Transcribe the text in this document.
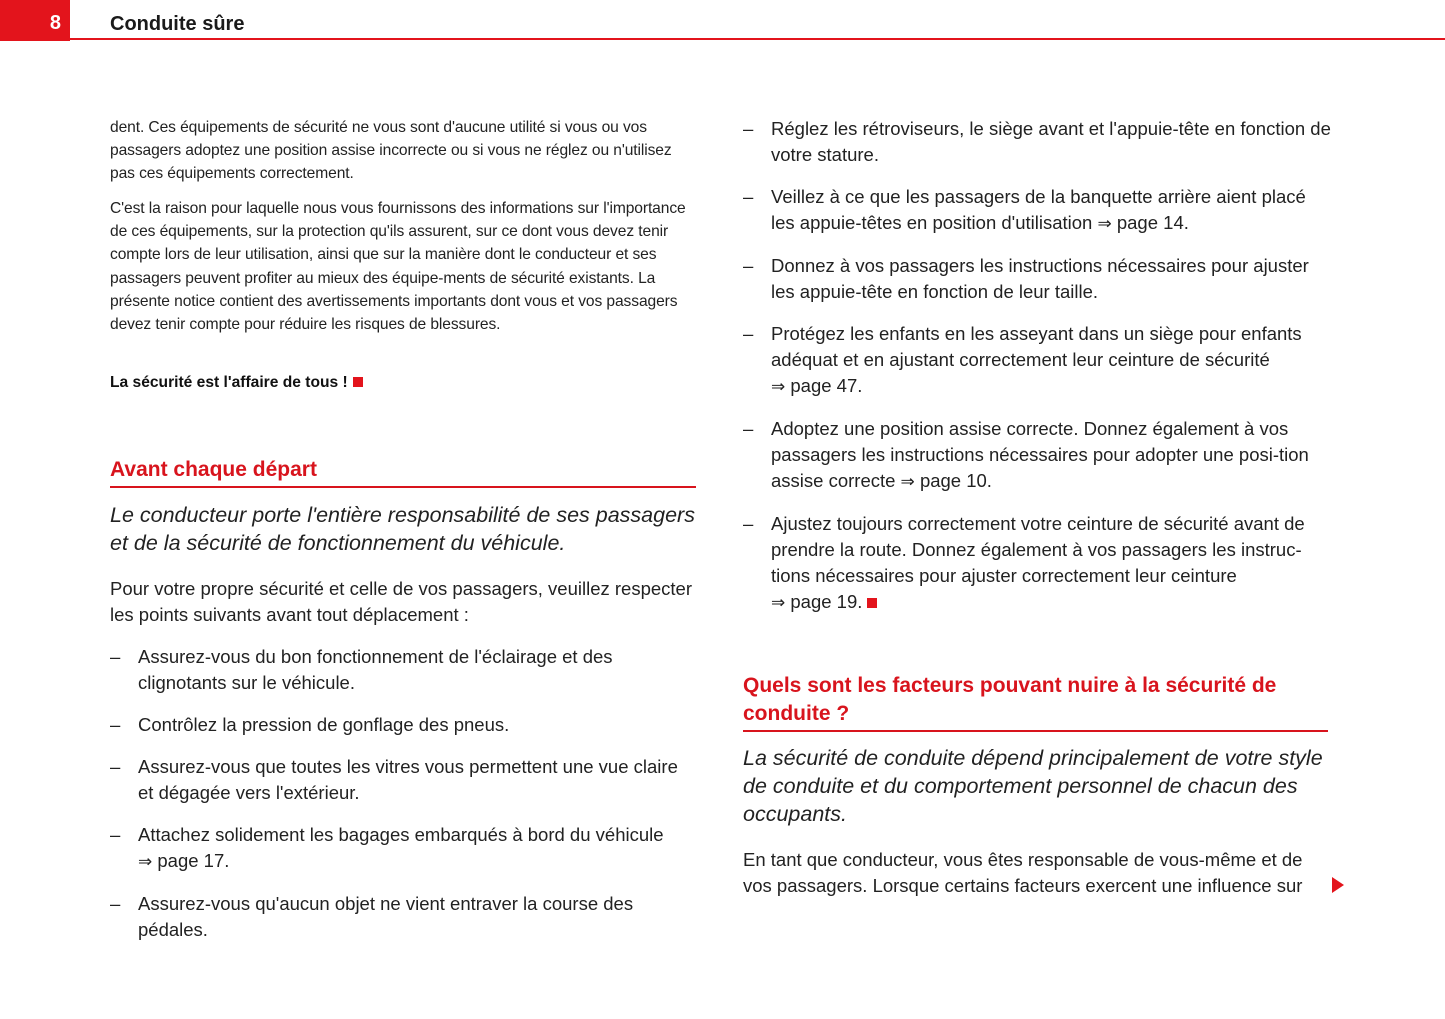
8	Conduite sûre

dent. Ces équipements de sécurité ne vous sont d'aucune utilité si vous ou vos passagers adoptez une position assise incorrecte ou si vous ne réglez ou n'utilisez pas ces équipements correctement.

C'est la raison pour laquelle nous vous fournissons des informations sur l'importance de ces équipements, sur la protection qu'ils assurent, sur ce dont vous devez tenir compte lors de leur utilisation, ainsi que sur la manière dont le conducteur et ses passagers peuvent profiter au mieux des équipe-ments de sécurité existants. La présente notice contient des avertissements importants dont vous et vos passagers devez tenir compte pour réduire les risques de blessures.

La sécurité est l'affaire de tous !
Avant chaque départ

Le conducteur porte l'entière responsabilité de ses passagers et de la sécurité de fonctionnement du véhicule.

Pour votre propre sécurité et celle de vos passagers, veuillez respecter les points suivants avant tout déplacement :

– Assurez-vous du bon fonctionnement de l'éclairage et des clignotants sur le véhicule.
– Contrôlez la pression de gonflage des pneus.
– Assurez-vous que toutes les vitres vous permettent une vue claire et dégagée vers l'extérieur.
– Attachez solidement les bagages embarqués à bord du véhicule
⇒ page 17.
– Assurez-vous qu'aucun objet ne vient entraver la course des pédales.
– Réglez les rétroviseurs, le siège avant et l'appuie-tête en fonction de votre stature.
– Veillez à ce que les passagers de la banquette arrière aient placé les appuie-têtes en position d'utilisation ⇒ page 14.
– Donnez à vos passagers les instructions nécessaires pour ajuster les appuie-tête en fonction de leur taille.
– Protégez les enfants en les asseyant dans un siège pour enfants adéquat et en ajustant correctement leur ceinture de sécurité
⇒ page 47.
– Adoptez une position assise correcte. Donnez également à vos passagers les instructions nécessaires pour adopter une posi-tion assise correcte ⇒ page 10.
– Ajustez toujours correctement votre ceinture de sécurité avant de prendre la route. Donnez également à vos passagers les instruc-tions nécessaires pour ajuster correctement leur ceinture
⇒ page 19.
Quels sont les facteurs pouvant nuire à la sécurité de conduite ?

La sécurité de conduite dépend principalement de votre style de conduite et du comportement personnel de chacun des occupants.

En tant que conducteur, vous êtes responsable de vous-même et de vos passagers. Lorsque certains facteurs exercent une influence sur
